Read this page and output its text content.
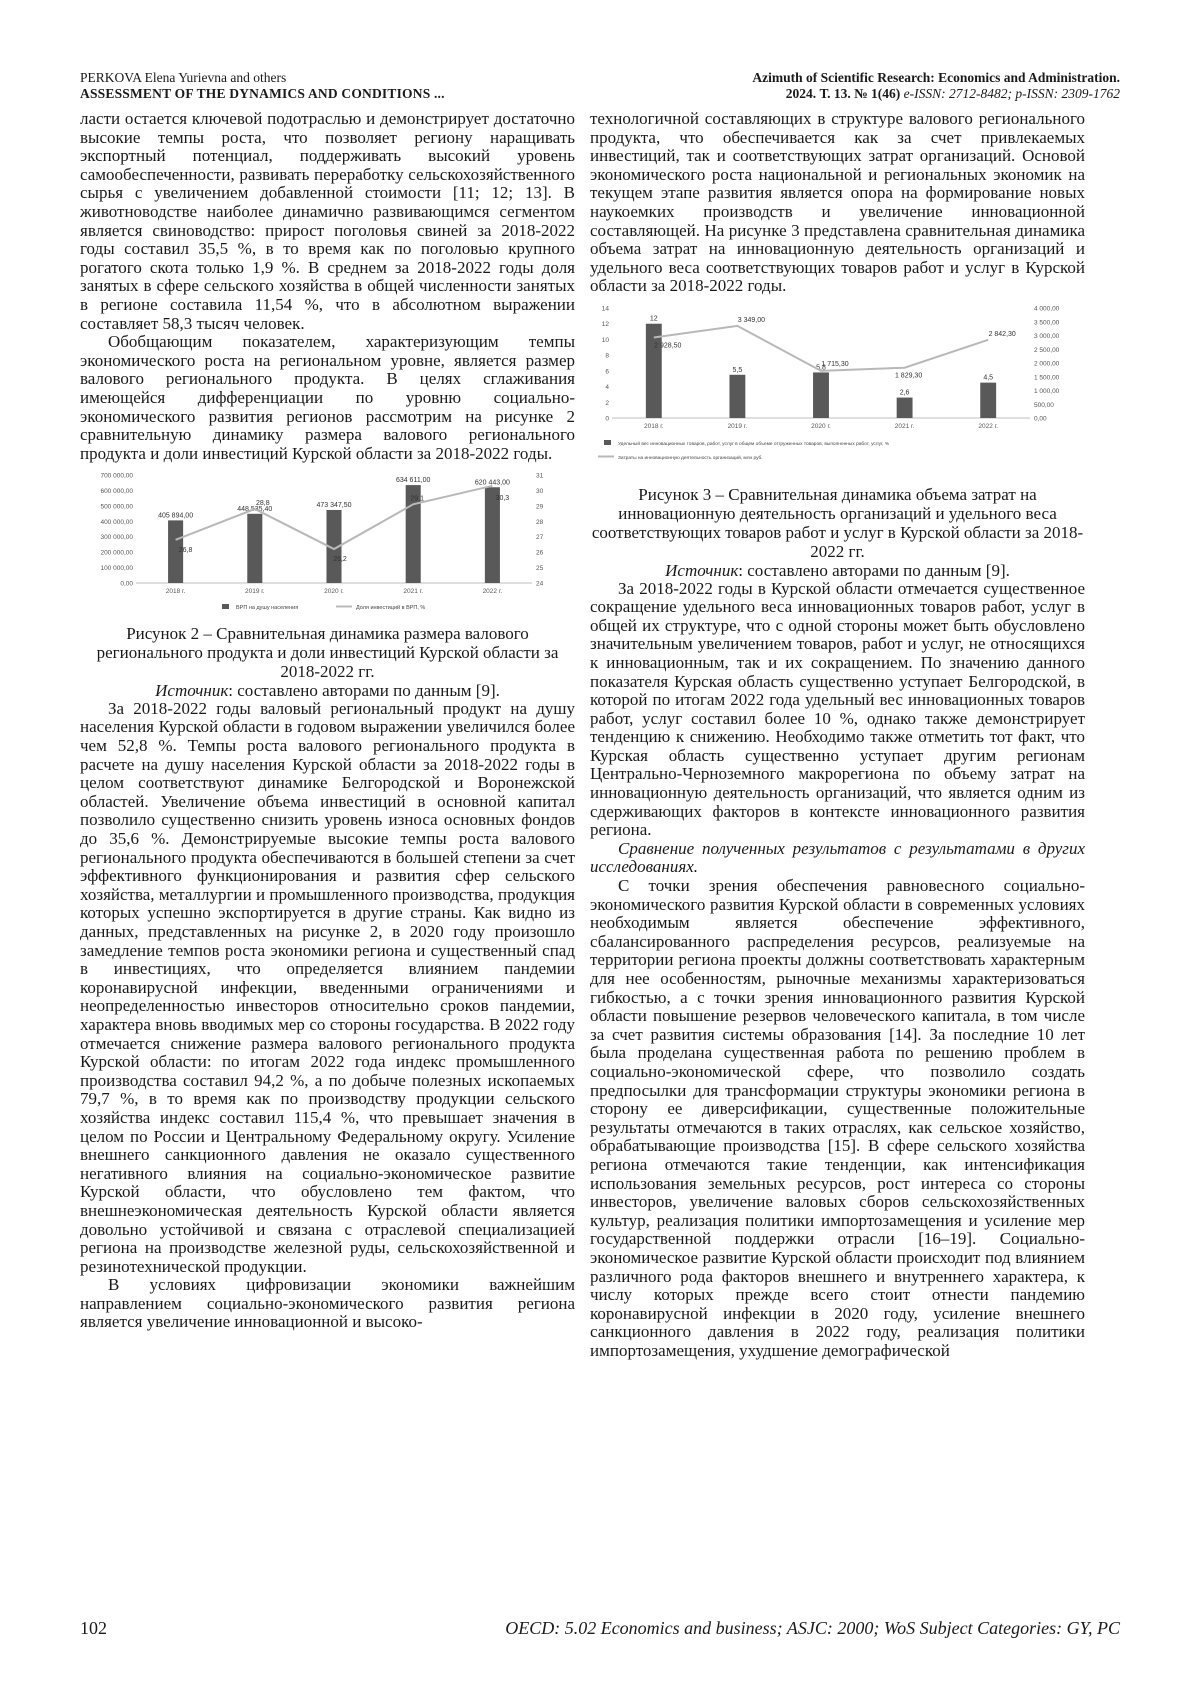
PERKOVA Elena Yurievna and others
ASSESSMENT OF THE DYNAMICS AND CONDITIONS ...
Azimuth of Scientific Research: Economics and Administration.
2024. Т. 13. № 1(46) e-ISSN: 2712-8482; p-ISSN: 2309-1762

ласти остается ключевой подотраслью и демонстрирует достаточно высокие темпы роста, что позволяет региону наращивать экспортный потенциал, поддерживать высокий уровень самообеспеченности, развивать переработку сельскохозяйственного сырья с увеличением добавленной стоимости [11; 12; 13]. В животноводстве наиболее динамично развивающимся сегментом является свиноводство: прирост поголовья свиней за 2018-2022 годы составил 35,5 %, в то время как по поголовью крупного рогатого скота только 1,9 %. В среднем за 2018-2022 годы доля занятых в сфере сельского хозяйства в общей численности занятых в регионе составила 11,54 %, что в абсолютном выражении составляет 58,3 тысяч человек.

Обобщающим показателем, характеризующим темпы экономического роста на региональном уровне, является размер валового регионального продукта. В целях сглаживания имеющейся дифференциации по уровню социально-экономического развития регионов рассмотрим на рисунке 2 сравнительную динамику размера валового регионального продукта и доли инвестиций Курской области за 2018-2022 годы.

0,00
100 000,00
200 000,00
300 000,00
400 000,00
500 000,00
600 000,00
700 000,00
24
25
26
27
28
29
30
31
405 894,00
2018 г.
448 535,40
2019 г.
473 347,50
2020 г.
634 611,00
2021 г.
620 443,00
2022 г.
26,8
28,8
26,2
29,1	30,3
ВРП на душу населения	Доля инвестиций в ВРП, %

Рисунок 2 – Сравнительная динамика размера валового регионального продукта и доли инвестиций Курской области за 2018-2022 гг.

Источник: составлено авторами по данным [9].

За 2018-2022 годы валовый региональный продукт на душу населения Курской области в годовом выражении увеличился более чем 52,8 %. Темпы роста валового регионального продукта в расчете на душу населения Курской области за 2018-2022 годы в целом соответствуют динамике Белгородской и Воронежской областей. Увеличение объема инвестиций в основной капитал позволило существенно снизить уровень износа основных фондов до 35,6 %. Демонстрируемые высокие темпы роста валового регионального продукта обеспечиваются в большей степени за счет эффективного функционирования и развития сфер сельского хозяйства, металлургии и промышленного производства, продукция которых успешно экспортируется в другие страны. Как видно из данных, представленных на рисунке 2, в 2020 году произошло замедление темпов роста экономики региона и существенный спад в инвестициях, что определяется влиянием пандемии коронавирусной инфекции, введенными ограничениями и неопределенностью инвесторов относительно сроков пандемии, характера вновь вводимых мер со стороны государства. В 2022 году отмечается снижение размера валового регионального продукта Курской области: по итогам 2022 года индекс промышленного производства составил 94,2 %, а по добыче полезных ископаемых 79,7 %, в то время как по производству продукции сельского хозяйства индекс составил 115,4 %, что превышает значения в целом по России и Центральному Федеральному округу. Усиление внешнего санкционного давления не оказало существенного негативного влияния на социально-экономическое развитие Курской области, что обусловлено тем фактом, что внешнеэкономическая деятельность Курской области является довольно устойчивой и связана с отраслевой специализацией региона на производстве железной руды, сельскохозяйственной и резинотехнической продукции.

В условиях цифровизации экономики важнейшим направлением социально-экономического развития региона является увеличение инновационной и высоко-

технологичной составляющих в структуре валового регионального продукта, что обеспечивается как за счет привлекаемых инвестиций, так и соответствующих затрат организаций. Основой экономического роста национальной и региональных экономик на текущем этапе развития является опора на формирование новых наукоемких производств и увеличение инновационной составляющей. На рисунке 3 представлена сравнительная динамика объема затрат на инновационную деятельность организаций и удельного веса соответствующих товаров работ и услуг в Курской области за 2018-2022 годы.

0
2
4
6
8
10
12
14
0,00
500,00
1 000,00
1 500,00
2 000,00
2 500,00
3 000,00
3 500,00
4 000,00
12
2018 г.
5,5
2019 г.
5,8
2020 г.
2,6
2021 г.
4,5
2022 г.
2 928,50
3 349,00
1 715,30
1 829,30
2 842,30
Удельный вес инновационных товаров, работ, услуг в общем объеме отгруженных товаров, выполненных работ, услуг, %
Затраты на инновационную деятельность организаций, млн руб.

Рисунок 3 – Сравнительная динамика объема затрат на инновационную деятельность организаций и удельного веса соответствующих товаров работ и услуг в Курской области за 2018-2022 гг.

Источник: составлено авторами по данным [9].

За 2018-2022 годы в Курской области отмечается существенное сокращение удельного веса инновационных товаров работ, услуг в общей их структуре, что с одной стороны может быть обусловлено значительным увеличением товаров, работ и услуг, не относящихся к инновационным, так и их сокращением. По значению данного показателя Курская область существенно уступает Белгородской, в которой по итогам 2022 года удельный вес инновационных товаров работ, услуг составил более 10 %, однако также демонстрирует тенденцию к снижению. Необходимо также отметить тот факт, что Курская область существенно уступает другим регионам Центрально-Черноземного макрорегиона по объему затрат на инновационную деятельность организаций, что является одним из сдерживающих факторов в контексте инновационного развития региона.

Сравнение полученных результатов с результатами в других исследованиях.

С точки зрения обеспечения равновесного социально-экономического развития Курской области в современных условиях необходимым является обеспечение эффективного, сбалансированного распределения ресурсов, реализуемые на территории региона проекты должны соответствовать характерным для нее особенностям, рыночные механизмы характеризоваться гибкостью, а с точки зрения инновационного развития Курской области повышение резервов человеческого капитала, в том числе за счет развития системы образования [14]. За последние 10 лет была проделана существенная работа по решению проблем в социально-экономической сфере, что позволило создать предпосылки для трансформации структуры экономики региона в сторону ее диверсификации, существенные положительные результаты отмечаются в таких отраслях, как сельское хозяйство, обрабатывающие производства [15]. В сфере сельского хозяйства региона отмечаются такие тенденции, как интенсификация использования земельных ресурсов, рост интереса со стороны инвесторов, увеличение валовых сборов сельскохозяйственных культур, реализация политики импортозамещения и усиление мер государственной поддержки отрасли [16–19]. Социально-экономическое развитие Курской области происходит под влиянием различного рода факторов внешнего и внутреннего характера, к числу которых прежде всего стоит отнести пандемию коронавирусной инфекции в 2020 году, усиление внешнего санкционного давления в 2022 году, реализация политики импортозамещения, ухудшение демографической

102	OECD: 5.02 Economics and business; ASJC: 2000; WoS Subject Categories: GY, PC
